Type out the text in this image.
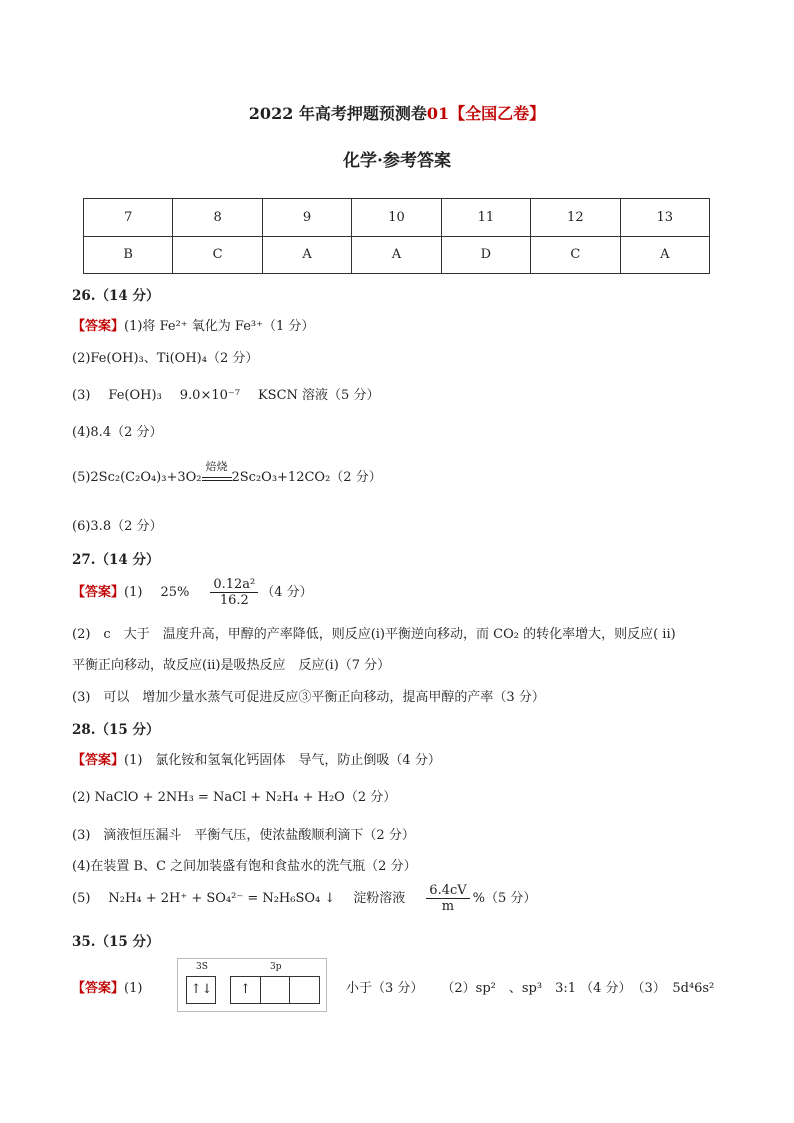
2022 年高考押题预测卷01【全国乙卷】
化学·参考答案
7	8	9	10	11	12	13
B	C	A	A	D	C	A
26.（14 分）
【答案】(1)将 Fe²⁺ 氧化为 Fe³⁺（1 分）
(2)Fe(OH)₃、Ti(OH)₄（2 分）
(3) Fe(OH)₃ 9.0×10⁻⁷ KSCN 溶液（5 分）
(4)8.4（2 分）
(5)2Sc₂(C₂O₄)₃+3O₂
焙烧
2Sc₂O₃+12CO₂（2 分）
(6)3.8（2 分）
27.（14 分）
【答案】(1) $25\% \frac{\text{0.12a²}}{16.2} (4$ 分）
(2)　c　大于　温度升高，甲醇的产率降低，则反应(i)平衡逆向移动，而 CO₂ 的转化率增大，则反应( ii)
平衡正向移动，故反应(ii)是吸热反应　反应(i)（7 分）
(3)　可以　增加少量水蒸气可促进反应③平衡正向移动，提高甲醇的产率（3 分）
28.（15 分）
【答案】(1)　氯化铵和氢氧化钙固体　导气，防止倒吸（4 分）
(2) NaClO + 2NH₃ = NaCl + N₂H₄ + H₂O（2 分）
(3)　滴液恒压漏斗　平衡气压，使浓盐酸顺利滴下（2 分）
(4)在装置 B、C 之间加装盛有饱和食盐水的洗气瓶（2 分）
(5) N₂H₄ + 2H⁺ + SO₄²⁻ = N₂H₆SO₄ ↓ 淀粉溶液 $\frac{6.4cV}{m} \%(5$ 分）
35.（15 分）
【答案】(1)
3S	3p
↑↓	↑	小于（3 分） （2）sp²　、sp³　3:1 （4 分）　（3）　5d⁴6s²
